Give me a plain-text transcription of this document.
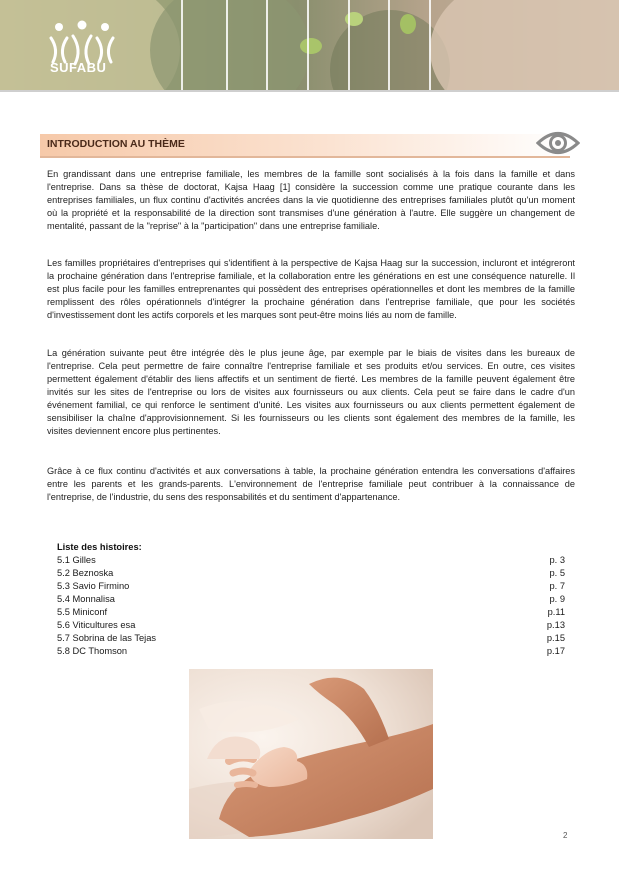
SUFABU
INTRODUCTION AU THÈME

En grandissant dans une entreprise familiale, les membres de la famille sont socialisés à la fois dans la famille et dans l'entreprise. Dans sa thèse de doctorat, Kajsa Haag [1] considère la succession comme une pratique courante dans les entreprises familiales, un flux continu d'activités ancrées dans la vie quotidienne des entreprises familiales plutôt qu'un moment où la propriété et la responsabilité de la direction sont transmises d'une génération à l'autre. Elle suggère un changement de mentalité, passant de la "reprise" à la "participation" dans une entreprise familiale.

Les familles propriétaires d'entreprises qui s'identifient à la perspective de Kajsa Haag sur la succession, incluront et intégreront la prochaine génération dans l'entreprise familiale, et la collaboration entre les générations en est une conséquence naturelle. Il est plus facile pour les familles entreprenantes qui possèdent des entreprises opérationnelles et dont les membres de la famille remplissent des rôles opérationnels d'intégrer la prochaine génération dans l'entreprise familiale, que pour les sociétés d'investissement dont les actifs corporels et les marques sont peut-être moins liés au nom de famille.

La génération suivante peut être intégrée dès le plus jeune âge, par exemple par le biais de visites dans les bureaux de l'entreprise. Cela peut permettre de faire connaître l'entreprise familiale et ses produits et/ou services. En outre, ces visites permettent également d'établir des liens affectifs et un sentiment de fierté. Les membres de la famille peuvent également être invités sur les sites de l'entreprise ou lors de visites aux fournisseurs ou aux clients. Cela peut se faire dans le cadre d'un événement familial, ce qui renforce le sentiment d'unité. Les visites aux fournisseurs ou aux clients permettent également de sensibiliser la chaîne d'approvisionnement. Si les fournisseurs ou les clients sont également des membres de la famille, les visites deviennent encore plus pertinentes.

Grâce à ce flux continu d'activités et aux conversations à table, la prochaine génération entendra les conversations d'affaires entre les parents et les grands-parents. L'environnement de l'entreprise familiale peut contribuer à la connaissance de l'entreprise, de l'industrie, du sens des responsabilités et du sentiment d'appartenance.

Liste des histoires:
5.1 Gilles	p. 3
5.2 Beznoska	p. 5
5.3 Savio Firmino	p. 7
5.4 Monnalisa	p. 9
5.5 Miniconf	p.11
5.6 Viticultures esa	p.13
5.7 Sobrina de las Tejas	p.15
5.8 DC Thomson	p.17
2
